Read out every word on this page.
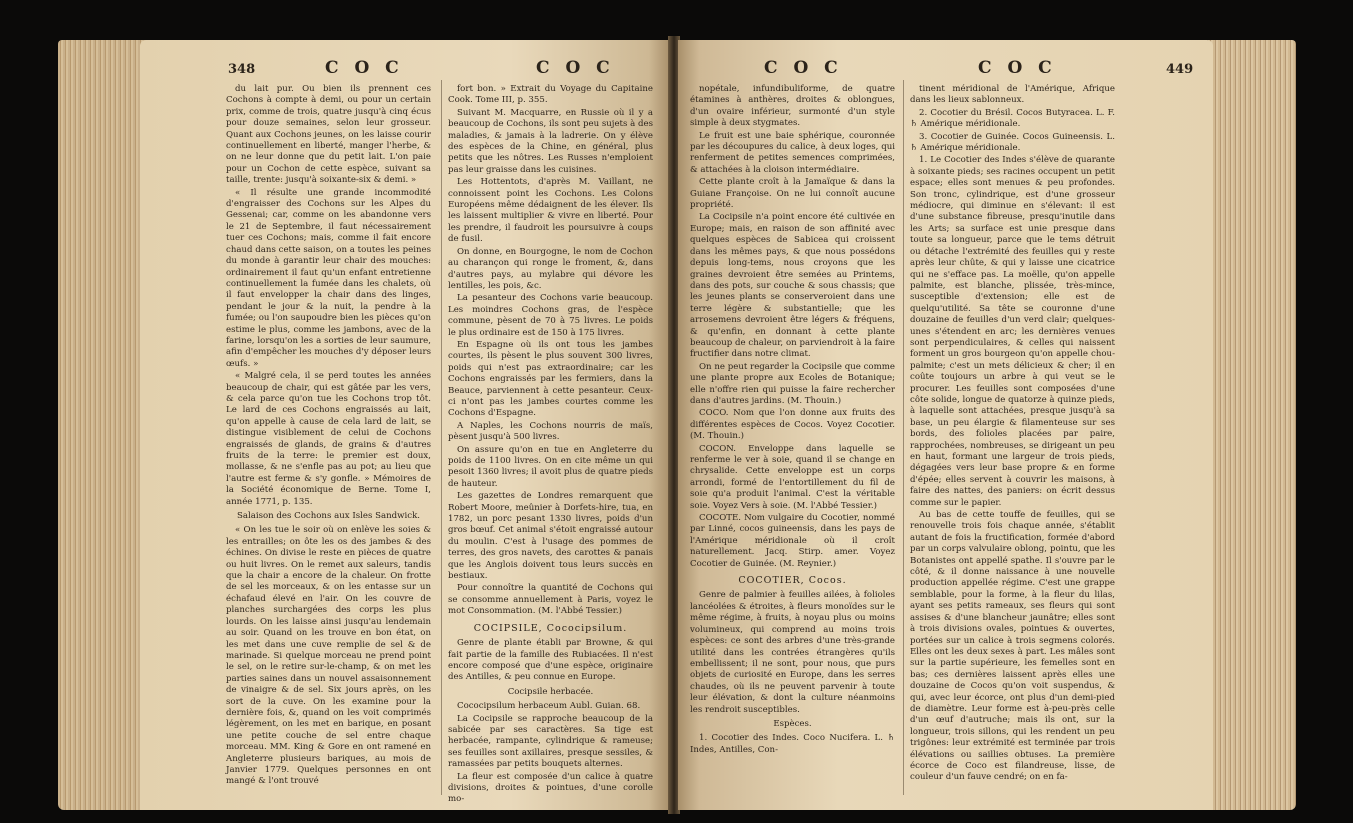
348	C O C	C O C

du lait pur. Ou bien ils prennent ces Cochons à compte à demi, ou pour un certain prix, comme de trois, quatre jusqu'à cinq écus pour douze semaines, selon leur grosseur. Quant aux Cochons jeunes, on les laisse courir continuellement en liberté, manger l'herbe, & on ne leur donne que du petit lait. L'on paie pour un Cochon de cette espèce, suivant sa taille, trente: jusqu'à soixante-six & demi. »

« Il résulte une grande incommodité d'engraisser des Cochons sur les Alpes du Gessenai; car, comme on les abandonne vers le 21 de Septembre, il faut nécessairement tuer ces Cochons; mais, comme il fait encore chaud dans cette saison, on a toutes les peines du monde à garantir leur chair des mouches: ordinairement il faut qu'un enfant entretienne continuellement la fumée dans les chalets, où il faut envelopper la chair dans des linges, pendant le jour & la nuit, la pendre à la fumée; ou l'on saupoudre bien les pièces qu'on estime le plus, comme les jambons, avec de la farine, lorsqu'on les a sorties de leur saumure, afin d'empêcher les mouches d'y déposer leurs œufs. »

« Malgré cela, il se perd toutes les années beaucoup de chair, qui est gâtée par les vers, & cela parce qu'on tue les Cochons trop tôt. Le lard de ces Cochons engraissés au lait, qu'on appelle à cause de cela lard de lait, se distingue visiblement de celui de Cochons engraissés de glands, de grains & d'autres fruits de la terre: le premier est doux, mollasse, & ne s'enfle pas au pot; au lieu que l'autre est ferme & s'y gonfle. » Mémoires de la Société économique de Berne. Tome I, année 1771, p. 135.

Salaison des Cochons aux Isles Sandwick.

« On les tue le soir où on enlève les soies & les entrailles; on ôte les os des jambes & des échines. On divise le reste en pièces de quatre ou huit livres. On le remet aux saleurs, tandis que la chair a encore de la chaleur. On frotte de sel les morceaux, & on les entasse sur un échafaud élevé en l'air. On les couvre de planches surchargées des corps les plus lourds. On les laisse ainsi jusqu'au lendemain au soir. Quand on les trouve en bon état, on les met dans une cuve remplie de sel & de marinade. Si quelque morceau ne prend point le sel, on le retire sur-le-champ, & on met les parties saines dans un nouvel assaisonnement de vinaigre & de sel. Six jours après, on les sort de la cuve. On les examine pour la dernière fois, &, quand on les voit comprimés légèrement, on les met en barique, en posant une petite couche de sel entre chaque morceau. MM. King & Gore en ont ramené en Angleterre plusieurs bariques, au mois de Janvier 1779. Quelques personnes en ont mangé & l'ont trouvé

fort bon. » Extrait du Voyage du Capitaine Cook. Tome III, p. 355.

Suivant M. Macquarre, en Russie où il y a beaucoup de Cochons, ils sont peu sujets à des maladies, & jamais à la ladrerie. On y élève des espèces de la Chine, en général, plus petits que les nôtres. Les Russes n'emploient pas leur graisse dans les cuisines.

Les Hottentots, d'après M. Vaillant, ne connoissent point les Cochons. Les Colons Européens même dédaignent de les élever. Ils les laissent multiplier & vivre en liberté. Pour les prendre, il faudroit les poursuivre à coups de fusil.

On donne, en Bourgogne, le nom de Cochon au charançon qui ronge le froment, &, dans d'autres pays, au mylabre qui dévore les lentilles, les pois, &c.

La pesanteur des Cochons varie beaucoup. Les moindres Cochons gras, de l'espèce commune, pèsent de 70 à 75 livres. Le poids le plus ordinaire est de 150 à 175 livres.

En Espagne où ils ont tous les jambes courtes, ils pèsent le plus souvent 300 livres, poids qui n'est pas extraordinaire; car les Cochons engraissés par les fermiers, dans la Beauce, parviennent à cette pesanteur. Ceux-ci n'ont pas les jambes courtes comme les Cochons d'Espagne.

A Naples, les Cochons nourris de maïs, pèsent jusqu'à 500 livres.

On assure qu'on en tue en Angleterre du poids de 1100 livres. On en cite même un qui pesoit 1360 livres; il avoit plus de quatre pieds de hauteur.

Les gazettes de Londres remarquent que Robert Moore, meûnier à Dorfets-hire, tua, en 1782, un porc pesant 1330 livres, poids d'un gros bœuf. Cet animal s'étoit engraissé autour du moulin. C'est à l'usage des pommes de terres, des gros navets, des carottes & panais que les Anglois doivent tous leurs succès en bestiaux.

Pour connoître la quantité de Cochons qui se consomme annuellement à Paris, voyez le mot Consommation. (M. l'Abbé Tessier.)

COCIPSILE, Cococipsilum.

Genre de plante établi par Browne, & qui fait partie de la famille des Rubiacées. Il n'est encore composé que d'une espèce, originaire des Antilles, & peu connue en Europe.

Cocipsile herbacée.

Cococipsilum herbaceum Aubl. Guian. 68.

La Cocipsile se rapproche beaucoup de la sabicée par ses caractères. Sa tige est herbacée, rampante, cylindrique & rameuse; ses feuilles sont axillaires, presque sessiles, & ramassées par petits bouquets alternes.

La fleur est composée d'un calice à quatre divisions, droites & pointues, d'une corolle mo-

C O C	C O C	449

nopétale, infundibuliforme, de quatre étamines à anthères, droites & oblongues, d'un ovaire inférieur, surmonté d'un style simple à deux stygmates.

Le fruit est une baie sphérique, couronnée par les découpures du calice, à deux loges, qui renferment de petites semences comprimées, & attachées à la cloison intermédiaire.

Cette plante croît à la Jamaïque & dans la Guiane Françoise. On ne lui connoît aucune propriété.

La Cocipsile n'a point encore été cultivée en Europe; mais, en raison de son affinité avec quelques espèces de Sabicea qui croissent dans les mêmes pays, & que nous possédons depuis long-tems, nous croyons que les graines devroient être semées au Printems, dans des pots, sur couche & sous chassis; que les jeunes plants se conserveroient dans une terre légère & substantielle; que les arrosemens devroient être légers & fréquens, & qu'enfin, en donnant à cette plante beaucoup de chaleur, on parviendroit à la faire fructifier dans notre climat.

On ne peut regarder la Cocipsile que comme une plante propre aux Ecoles de Botanique; elle n'offre rien qui puisse la faire rechercher dans d'autres jardins. (M. Thouin.)

COCO. Nom que l'on donne aux fruits des différentes espèces de Cocos. Voyez Cocotier. (M. Thouin.)

COCON. Enveloppe dans laquelle se renferme le ver à soie, quand il se change en chrysalide. Cette enveloppe est un corps arrondi, formé de l'entortillement du fil de soie qu'a produit l'animal. C'est la véritable soie. Voyez Vers à soie. (M. l'Abbé Tessier.)

COCOTE. Nom vulgaire du Cocotier, nommé par Linné, cocos guineensis, dans les pays de l'Amérique méridionale où il croît naturellement. Jacq. Stirp. amer. Voyez Cocotier de Guinée. (M. Reynier.)

COCOTIER, Cocos.

Genre de palmier à feuilles ailées, à folioles lancéolées & étroites, à fleurs monoïdes sur le même régime, à fruits, à noyau plus ou moins volumineux, qui comprend au moins trois espèces: ce sont des arbres d'une très-grande utilité dans les contrées étrangères qu'ils embellissent; il ne sont, pour nous, que purs objets de curiosité en Europe, dans les serres chaudes, où ils ne peuvent parvenir à toute leur élévation, & dont la culture néanmoins les rendroit susceptibles.

Espèces.

1. Cocotier des Indes. Coco Nucifera. L. ♄ Indes, Antilles, Con-

tinent méridional de l'Amérique, Afrique dans les lieux sablonneux.

2. Cocotier du Brésil. Cocos Butyracea. L. F. ♄ Amérique méridionale.

3. Cocotier de Guinée. Cocos Guineensis. L. ♄ Amérique méridionale.

1. Le Cocotier des Indes s'élève de quarante à soixante pieds; ses racines occupent un petit espace; elles sont menues & peu profondes. Son tronc, cylindrique, est d'une grosseur médiocre, qui diminue en s'élevant: il est d'une substance fibreuse, presqu'inutile dans les Arts; sa surface est unie presque dans toute sa longueur, parce que le tems détruit ou détache l'extrémité des feuilles qui y reste après leur chûte, & qui y laisse une cicatrice qui ne s'efface pas. La moëlle, qu'on appelle palmite, est blanche, plissée, très-mince, susceptible d'extension; elle est de quelqu'utilité. Sa tête se couronne d'une douzaine de feuilles d'un verd clair; quelques-unes s'étendent en arc; les dernières venues sont perpendiculaires, & celles qui naissent forment un gros bourgeon qu'on appelle chou-palmite; c'est un mets délicieux & cher; il en coûte toujours un arbre à qui veut se le procurer. Les feuilles sont composées d'une côte solide, longue de quatorze à quinze pieds, à laquelle sont attachées, presque jusqu'à sa base, un peu élargie & filamenteuse sur ses bords, des folioles placées par paire, rapprochées, nombreuses, se dirigeant un peu en haut, formant une largeur de trois pieds, dégagées vers leur base propre & en forme d'épée; elles servent à couvrir les maisons, à faire des nattes, des paniers: on écrit dessus comme sur le papier.

Au bas de cette touffe de feuilles, qui se renouvelle trois fois chaque année, s'établit autant de fois la fructification, formée d'abord par un corps valvulaire oblong, pointu, que les Botanistes ont appellé spathe. Il s'ouvre par le côté, & il donne naissance à une nouvelle production appellée régime. C'est une grappe semblable, pour la forme, à la fleur du lilas, ayant ses petits rameaux, ses fleurs qui sont assises & d'une blancheur jaunâtre; elles sont à trois divisions ovales, pointues & ouvertes, portées sur un calice à trois segmens colorés. Elles ont les deux sexes à part. Les mâles sont sur la partie supérieure, les femelles sont en bas; ces dernières laissent après elles une douzaine de Cocos qu'on voit suspendus, & qui, avec leur écorce, ont plus d'un demi-pied de diamètre. Leur forme est à-peu-près celle d'un œuf d'autruche; mais ils ont, sur la longueur, trois sillons, qui les rendent un peu trigônes: leur extrémité est terminée par trois élévations ou saillies obtuses. La première écorce de Coco est filandreuse, lisse, de couleur d'un fauve cendré; on en fa-
